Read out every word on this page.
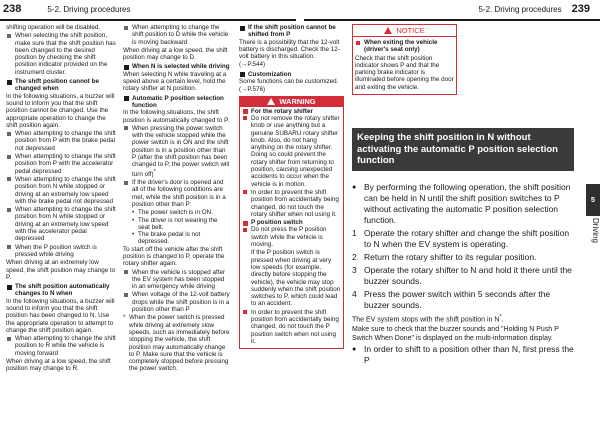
238	5-2. Driving procedures	5-2. Driving procedures 239

shifting operation will be disabled.

When selecting the shift position, make sure that the shift position has been changed to the desired position by checking the shift position indicator provided on the instrument cluster.
The shift position cannot be changed when

In the following situations, a buzzer will sound to inform you that the shift position cannot be changed. Use the appropriate operation to change the shift position again.

When attempting to change the shift position from P with the brake pedal not depressed
When attempting to change the shift position from P with the accelerator pedal depressed
When attempting to change the shift position from N while stopped or driving at an extremely low speed with the brake pedal not depressed
When attempting to change the shift position from N while stopped or driving at an extremely low speed with the accelerator pedal depressed
When the P position switch is pressed while driving

When driving at an extremely low speed, the shift position may change to P.

The shift position automatically changes to N when

In the following situations, a buzzer will sound to inform you that the shift position has been changed to N. Use the appropriate operation to attempt to change the shift position again.

When attempting to change the shift position to R while the vehicle is moving forward

When driving at a low speed, the shift position may change to R.

When attempting to change the shift position to D while the vehicle is moving backward

When driving at a low speed, the shift position may change to D.

When N is selected while driving

When selecting N while traveling at a speed above a certain level, hold the rotary shifter at N position.

Automatic P position selection function

In the following situations, the shift position is automatically changed to P.

When pressing the power switch with the vehicle stopped while the power switch is in ON and the shift position is in a position other than P (after the shift position has been changed to P, the power switch will turn off)*
If the driver's door is opened and all of the following conditions are met, while the shift position is in a position other than P:
• The power switch is in ON.
• The driver is not wearing the seat belt.
• The brake pedal is not depressed.

To start off the vehicle after the shift position is changed to P, operate the rotary shifter again.

When the vehicle is stopped after the EV system has been stopped in an emergency while driving
When voltage of the 12-volt battery drops while the shift position is in a position other than P
* When the power switch is pressed while driving at extremely slow speeds, such as immediately before stopping the vehicle, the shift position may automatically change to P. Make sure that the vehicle is completely stopped before pressing the power switch.
If the shift position cannot be shifted from P

There is a possibility that the 12-volt battery is discharged. Check the 12-volt battery in this situation.

(→P.544)

Customization

Some functions can be customized.

(→P.576)

WARNING
For the rotary shifter
Do not remove the rotary shifter knob or use anything but a genuine SUBARU rotary shifter knob. Also, do not hang anything on the rotary shifter. Doing so could prevent the rotary shifter from returning to position, causing unexpected accidents to occur when the vehicle is in motion.
In order to prevent the shift position from accidentally being changed, do not touch the rotary shifter when not using it.
P position switch
Do not press the P position switch while the vehicle is moving.

If the P position switch is pressed when driving at very low speeds (for example, directly before stopping the vehicle), the vehicle may stop suddenly when the shift position switches to P, which could lead to an accident.

In order to prevent the shift position from accidentally being changed, do not touch the P position switch when not using it.
NOTICE
When exiting the vehicle (driver's seat only)

Check that the shift position indicator shows P and that the parking brake indicator is illuminated before opening the door and exiting the vehicle.

Keeping the shift position in N without activating the automatic P position selection function
● By performing the following operation, the shift position can be held in N until the shift position switches to P without activating the automatic P position selection function.
1 Operate the rotary shifter and change the shift position to N when the EV system is operating.
2 Return the rotary shifter to its regular position.
3 Operate the rotary shifter to N and hold it there until the buzzer sounds.
4 Press the power switch within 5 seconds after the buzzer sounds.

The EV system stops with the shift position in N*.

Make sure to check that the buzzer sounds and "Holding N Push P Switch When Done" is displayed on the multi-information display.

● In order to shift to a position other than N, first press the P
5
Driving
